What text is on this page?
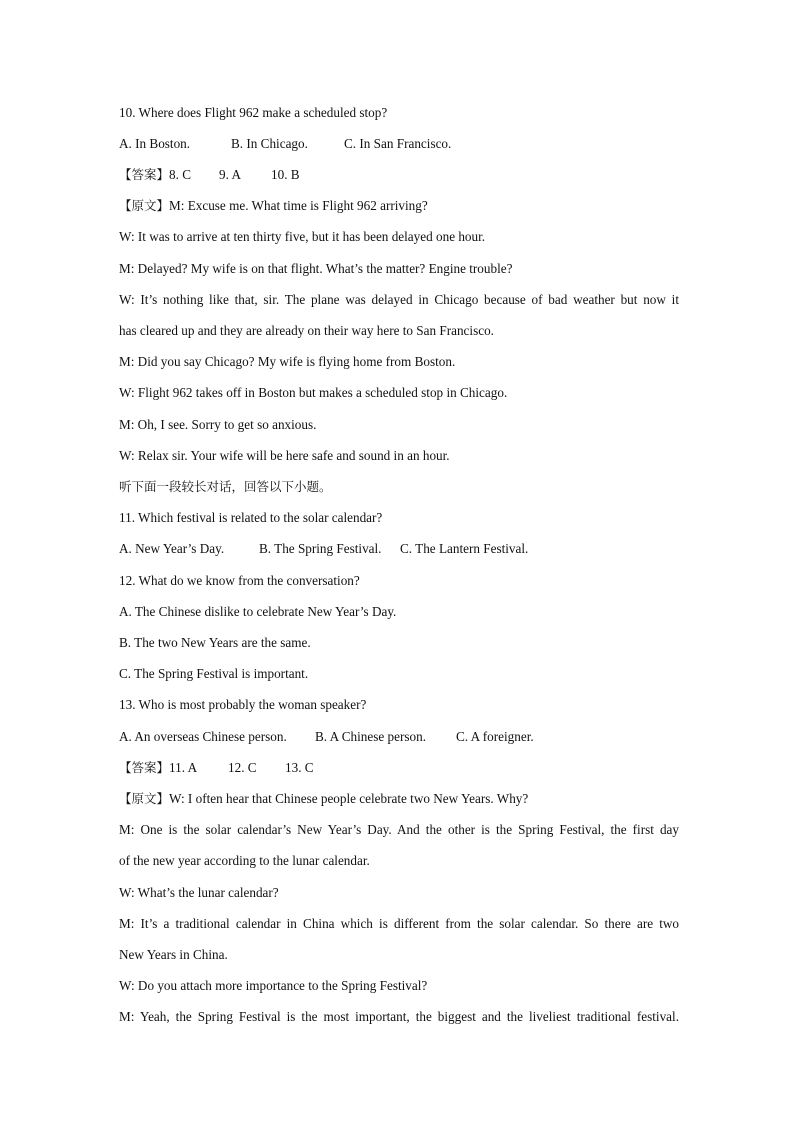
10. Where does Flight 962 make a scheduled stop?
A. In Boston.	B. In Chicago.	C. In San Francisco.
【答案】8. C 9. A 10. B
【原文】M: Excuse me. What time is Flight 962 arriving?
W: It was to arrive at ten thirty five, but it has been delayed one hour.
M: Delayed? My wife is on that flight. What’s the matter? Engine trouble?
W: It’s nothing like that, sir. The plane was delayed in Chicago because of bad weather but now it
has cleared up and they are already on their way here to San Francisco.
M: Did you say Chicago? My wife is flying home from Boston.
W: Flight 962 takes off in Boston but makes a scheduled stop in Chicago.
M: Oh, I see. Sorry to get so anxious.
W: Relax sir. Your wife will be here safe and sound in an hour.
听下面一段较长对话，回答以下小题。
11. Which festival is related to the solar calendar?
A. New Year’s Day.	B. The Spring Festival. C. The Lantern Festival.
12. What do we know from the conversation?
A. The Chinese dislike to celebrate New Year’s Day.
B. The two New Years are the same.
C. The Spring Festival is important.
13. Who is most probably the woman speaker?
A. An overseas Chinese person. B. A Chinese person. C. A foreigner.
【答案】11. A 12. C 13. C
【原文】W: I often hear that Chinese people celebrate two New Years. Why?
M: One is the solar calendar’s New Year’s Day. And the other is the Spring Festival, the first day
of the new year according to the lunar calendar.
W: What’s the lunar calendar?
M: It’s a traditional calendar in China which is different from the solar calendar. So there are two
New Years in China.
W: Do you attach more importance to the Spring Festival?
M: Yeah, the Spring Festival is the most important, the biggest and the liveliest traditional festival.
